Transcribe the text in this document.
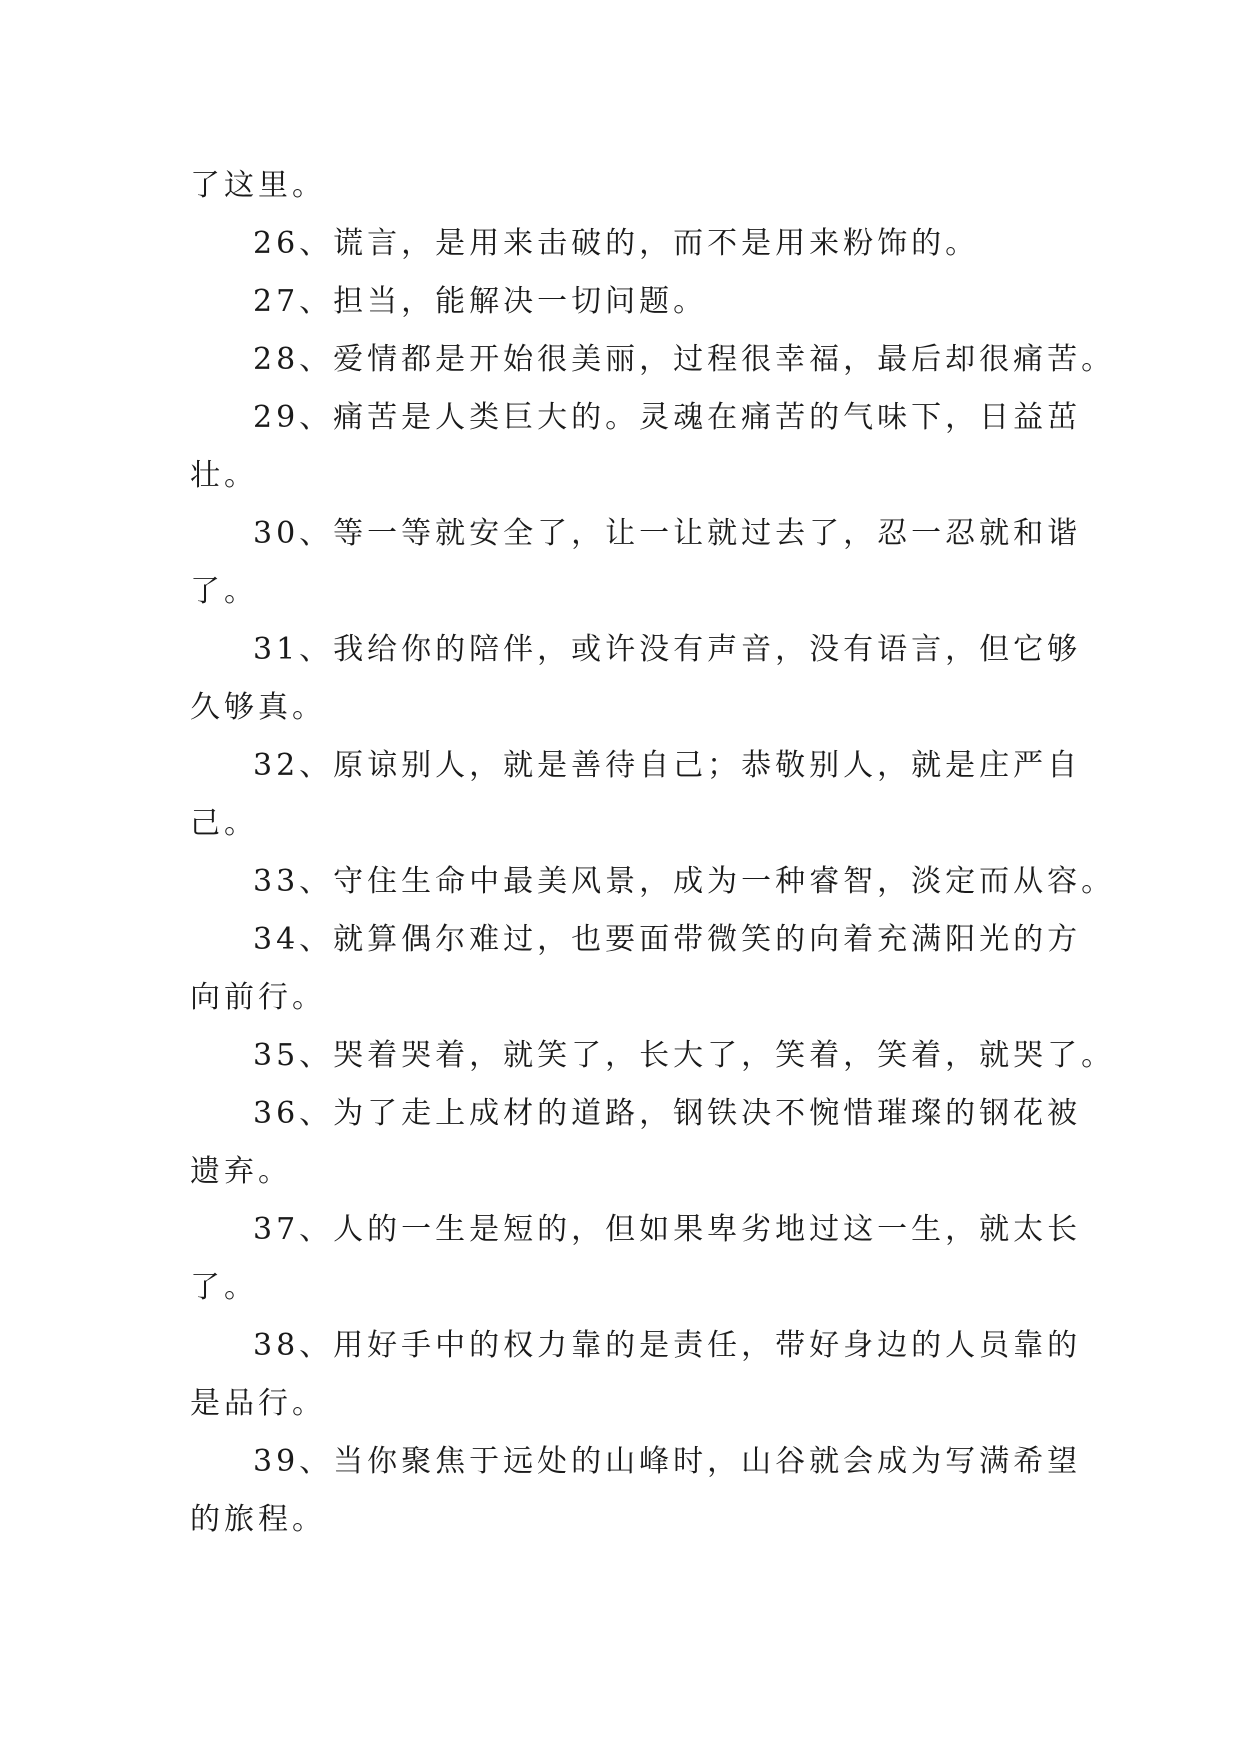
了这里。
26、谎言，是用来击破的，而不是用来粉饰的。
27、担当，能解决一切问题。
28、爱情都是开始很美丽，过程很幸福，最后却很痛苦。
29、痛苦是人类巨大的。灵魂在痛苦的气味下，日益茁
壮。
30、等一等就安全了，让一让就过去了，忍一忍就和谐
了。
31、我给你的陪伴，或许没有声音，没有语言，但它够
久够真。
32、原谅别人，就是善待自己；恭敬别人，就是庄严自
己。
33、守住生命中最美风景，成为一种睿智，淡定而从容。
34、就算偶尔难过，也要面带微笑的向着充满阳光的方
向前行。
35、哭着哭着，就笑了，长大了，笑着，笑着，就哭了。
36、为了走上成材的道路，钢铁决不惋惜璀璨的钢花被
遗弃。
37、人的一生是短的，但如果卑劣地过这一生，就太长
了。
38、用好手中的权力靠的是责任，带好身边的人员靠的
是品行。
39、当你聚焦于远处的山峰时，山谷就会成为写满希望
的旅程。
